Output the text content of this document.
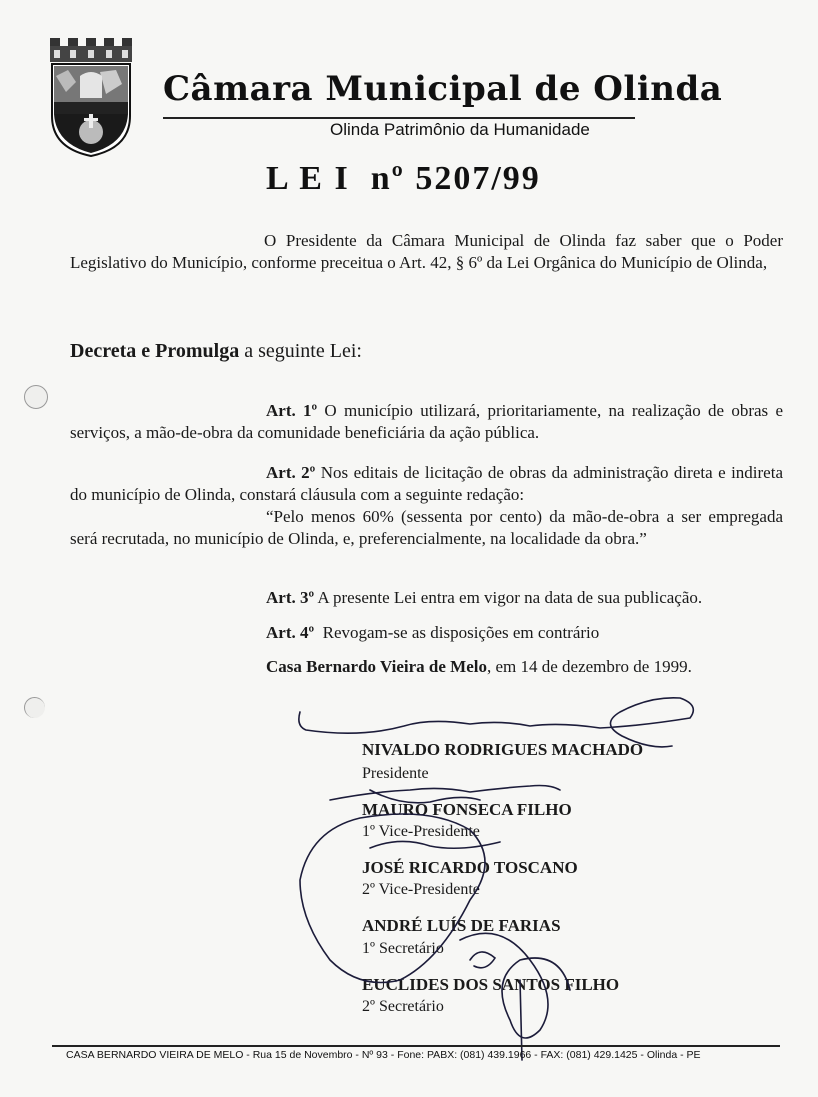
Câmara Municipal de Olinda
Olinda Patrimônio da Humanidade
L E I  nº 5207/99

O Presidente da Câmara Municipal de Olinda faz saber que o Poder Legislativo do Município, conforme preceitua o Art. 42, § 6º da Lei Orgânica do Município de Olinda,

Decreta e Promulga a seguinte Lei:

Art. 1º O município utilizará, prioritariamente, na realização de obras e serviços, a mão-de-obra da comunidade beneficiária da ação pública.

Art. 2º Nos editais de licitação de obras da administração direta e indireta do município de Olinda, constará cláusula com a seguinte redação:

“Pelo menos 60% (sessenta por cento) da mão-de-obra a ser empregada será recrutada, no município de Olinda, e, preferencialmente, na localidade da obra.”

Art. 3º A presente Lei entra em vigor na data de sua publicação.
Art. 4º  Revogam-se as disposições em contrário
Casa Bernardo Vieira de Melo, em 14 de dezembro de 1999.
NIVALDO RODRIGUES MACHADO
Presidente
MAURO FONSECA FILHO
1º Vice-Presidente
JOSÉ RICARDO TOSCANO
2º Vice-Presidente
ANDRÉ LUÍS DE FARIAS
1º Secretário
EUCLIDES DOS SANTOS FILHO
2º Secretário
CASA BERNARDO VIEIRA DE MELO - Rua 15 de Novembro - Nº 93 - Fone: PABX: (081) 439.1966 - FAX: (081) 429.1425 - Olinda - PE
